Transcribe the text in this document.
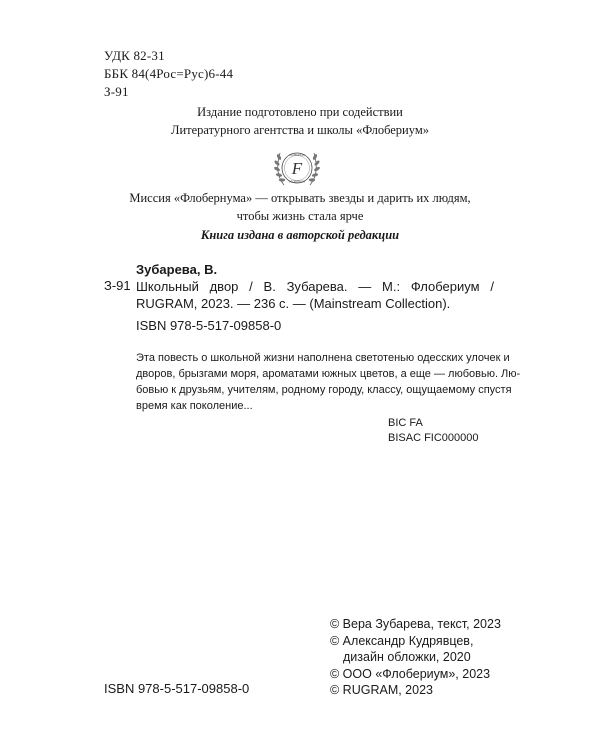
УДК 82-31
ББК 84(4Рос=Рус)6-44
З-91
Издание подготовлено при содействии
Литературного агентства и школы «Флобериум»
F
FLOBERIUM
ФЛОБЕРИУМ
Миссия «Флобернума» — открывать звезды и дарить их людям,
чтобы жизнь стала ярче
Книга издана в авторской редакции
Зубарева, В.
З-91 Школьный двор / В. Зубарева. — М.: Флобериум /
RUGRAM, 2023. — 236 с. — (Mainstream Collection).
ISBN 978-5-517-09858-0
Эта повесть о школьной жизни наполнена светотенью одесских улочек и
дворов, брызгами моря, ароматами южных цветов, а еще — любовью. Лю-
бовью к друзьям, учителям, родному городу, классу, ощущаемому спустя
время как поколение...
BIC FA
BISAC FIC000000
© Вера Зубарева, текст, 2023
© Александр Кудрявцев,
дизайн обложки, 2020
© ООО «Флобериум», 2023
© RUGRAM, 2023
ISBN 978-5-517-09858-0
